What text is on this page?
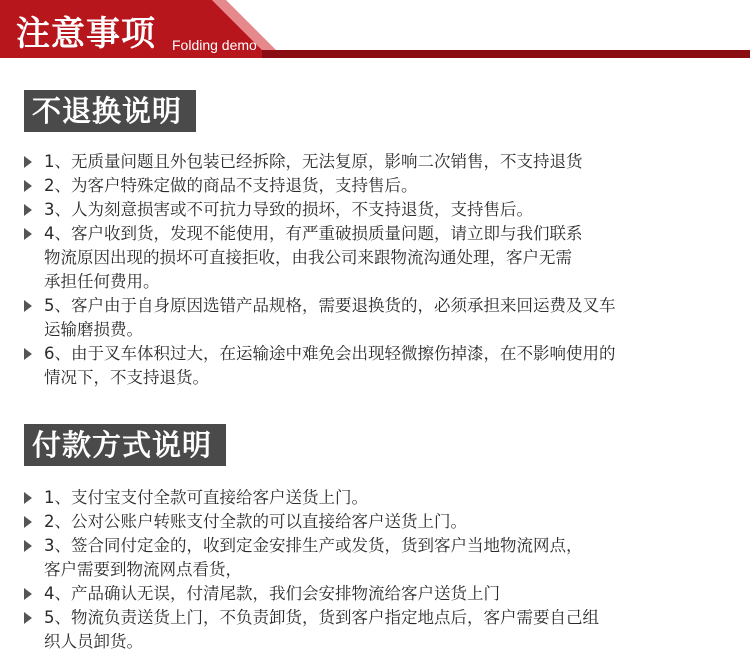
注意事项 Folding demo
不退换说明
1、无质量问题且外包装已经拆除，无法复原，影响二次销售，不支持退货
2、为客户特殊定做的商品不支持退货，支持售后。
3、人为刻意损害或不可抗力导致的损坏，不支持退货，支持售后。
4、客户收到货，发现不能使用，有严重破损质量问题，请立即与我们联系
物流原因出现的损坏可直接拒收，由我公司来跟物流沟通处理，客户无需
承担任何费用。
5、客户由于自身原因选错产品规格，需要退换货的，必须承担来回运费及叉车
运输磨损费。
6、由于叉车体积过大，在运输途中难免会出现轻微擦伤掉漆，在不影响使用的
情况下，不支持退货。
付款方式说明
1、支付宝支付全款可直接给客户送货上门。
2、公对公账户转账支付全款的可以直接给客户送货上门。
3、签合同付定金的，收到定金安排生产或发货，货到客户当地物流网点，
客户需要到物流网点看货，
4、产品确认无误，付清尾款，我们会安排物流给客户送货上门
5、物流负责送货上门，不负责卸货，货到客户指定地点后，客户需要自己组
织人员卸货。
